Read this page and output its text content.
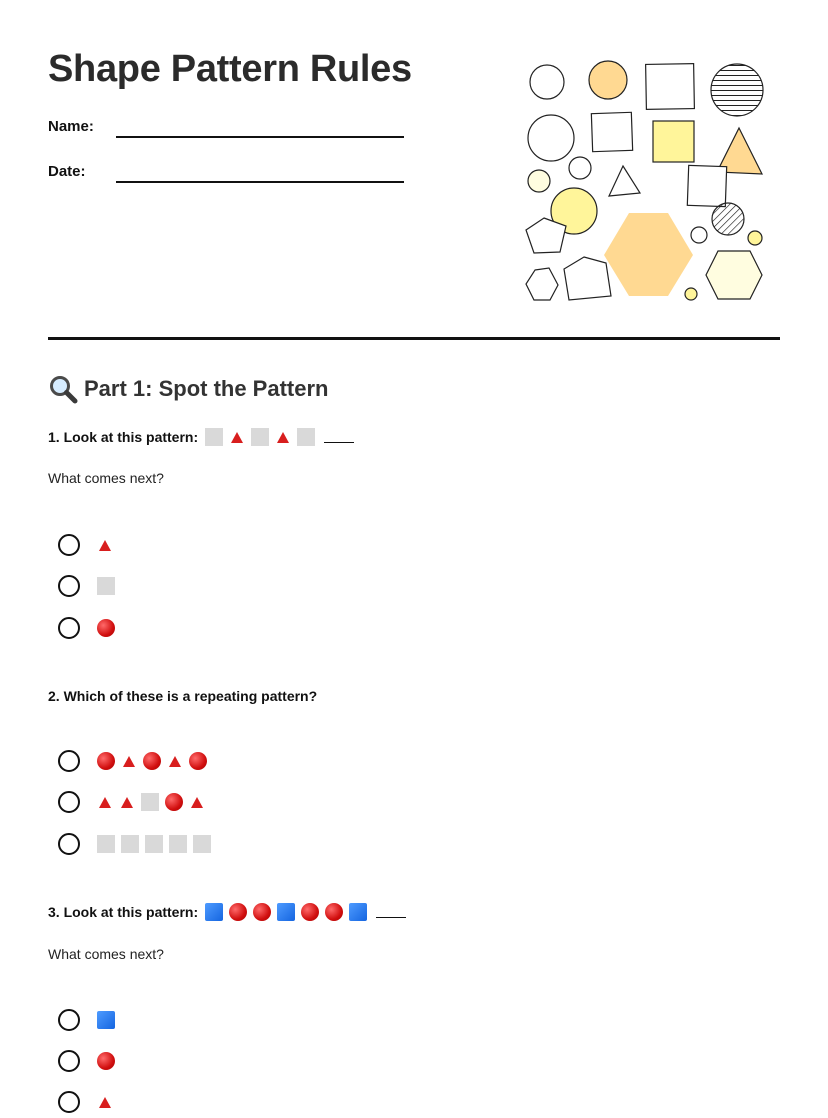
Shape Pattern Rules
Name:
Date:
Part 1: Spot the Pattern
1. Look at this pattern:
What comes next?
2. Which of these is a repeating pattern?
3. Look at this pattern:
What comes next?
